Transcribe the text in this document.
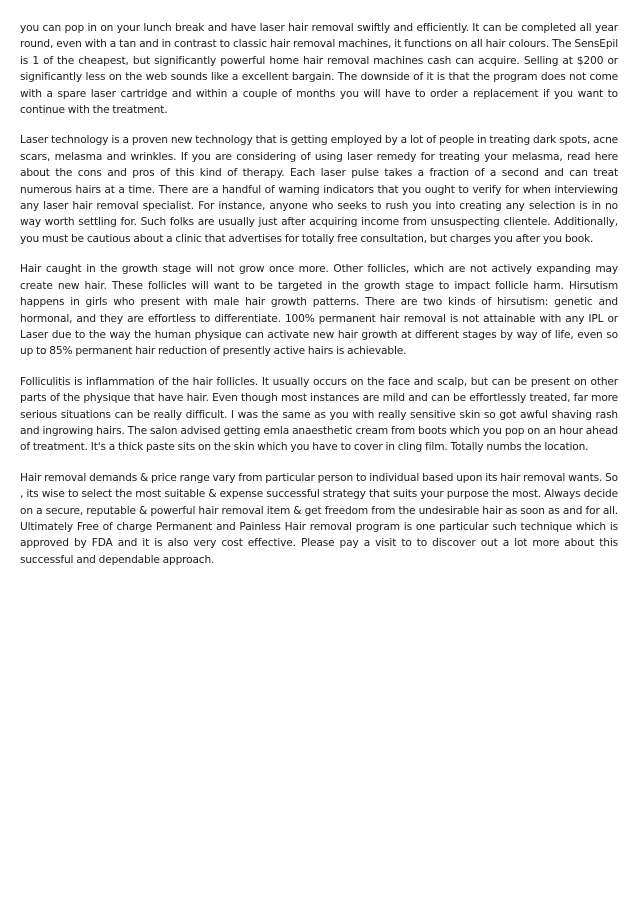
you can pop in on your lunch break and have laser hair removal swiftly and efficiently. It can be completed all year round, even with a tan and in contrast to classic hair removal machines, it functions on all hair colours. The SensEpil is 1 of the cheapest, but significantly powerful home hair removal machines cash can acquire. Selling at $200 or significantly less on the web sounds like a excellent bargain. The downside of it is that the program does not come with a spare laser cartridge and within a couple of months you will have to order a replacement if you want to continue with the treatment.

Laser technology is a proven new technology that is getting employed by a lot of people in treating dark spots, acne scars, melasma and wrinkles. If you are considering of using laser remedy for treating your melasma, read here about the cons and pros of this kind of therapy. Each laser pulse takes a fraction of a second and can treat numerous hairs at a time. There are a handful of warning indicators that you ought to verify for when interviewing any laser hair removal specialist. For instance, anyone who seeks to rush you into creating any selection is in no way worth settling for. Such folks are usually just after acquiring income from unsuspecting clientele. Additionally, you must be cautious about a clinic that advertises for totally free consultation, but charges you after you book.

Hair caught in the growth stage will not grow once more. Other follicles, which are not actively expanding may create new hair. These follicles will want to be targeted in the growth stage to impact follicle harm. Hirsutism happens in girls who present with male hair growth patterns. There are two kinds of hirsutism: genetic and hormonal, and they are effortless to differentiate. 100% permanent hair removal is not attainable with any IPL or Laser due to the way the human physique can activate new hair growth at different stages by way of life, even so up to 85% permanent hair reduction of presently active hairs is achievable.

Folliculitis is inflammation of the hair follicles. It usually occurs on the face and scalp, but can be present on other parts of the physique that have hair. Even though most instances are mild and can be effortlessly treated, far more serious situations can be really difficult. I was the same as you with really sensitive skin so got awful shaving rash and ingrowing hairs. The salon advised getting emla anaesthetic cream from boots which you pop on an hour ahead of treatment. It's a thick paste sits on the skin which you have to cover in cling film. Totally numbs the location.

Hair removal demands & price range vary from particular person to individual based upon its hair removal wants. So , its wise to select the most suitable & expense successful strategy that suits your purpose the most. Always decide on a secure, reputable & powerful hair removal item & get freedom from the undesirable hair as soon as and for all. Ultimately Free of charge Permanent and Painless Hair removal program is one particular such technique which is approved by FDA and it is also very cost effective. Please pay a visit to to discover out a lot more about this successful and dependable approach.
